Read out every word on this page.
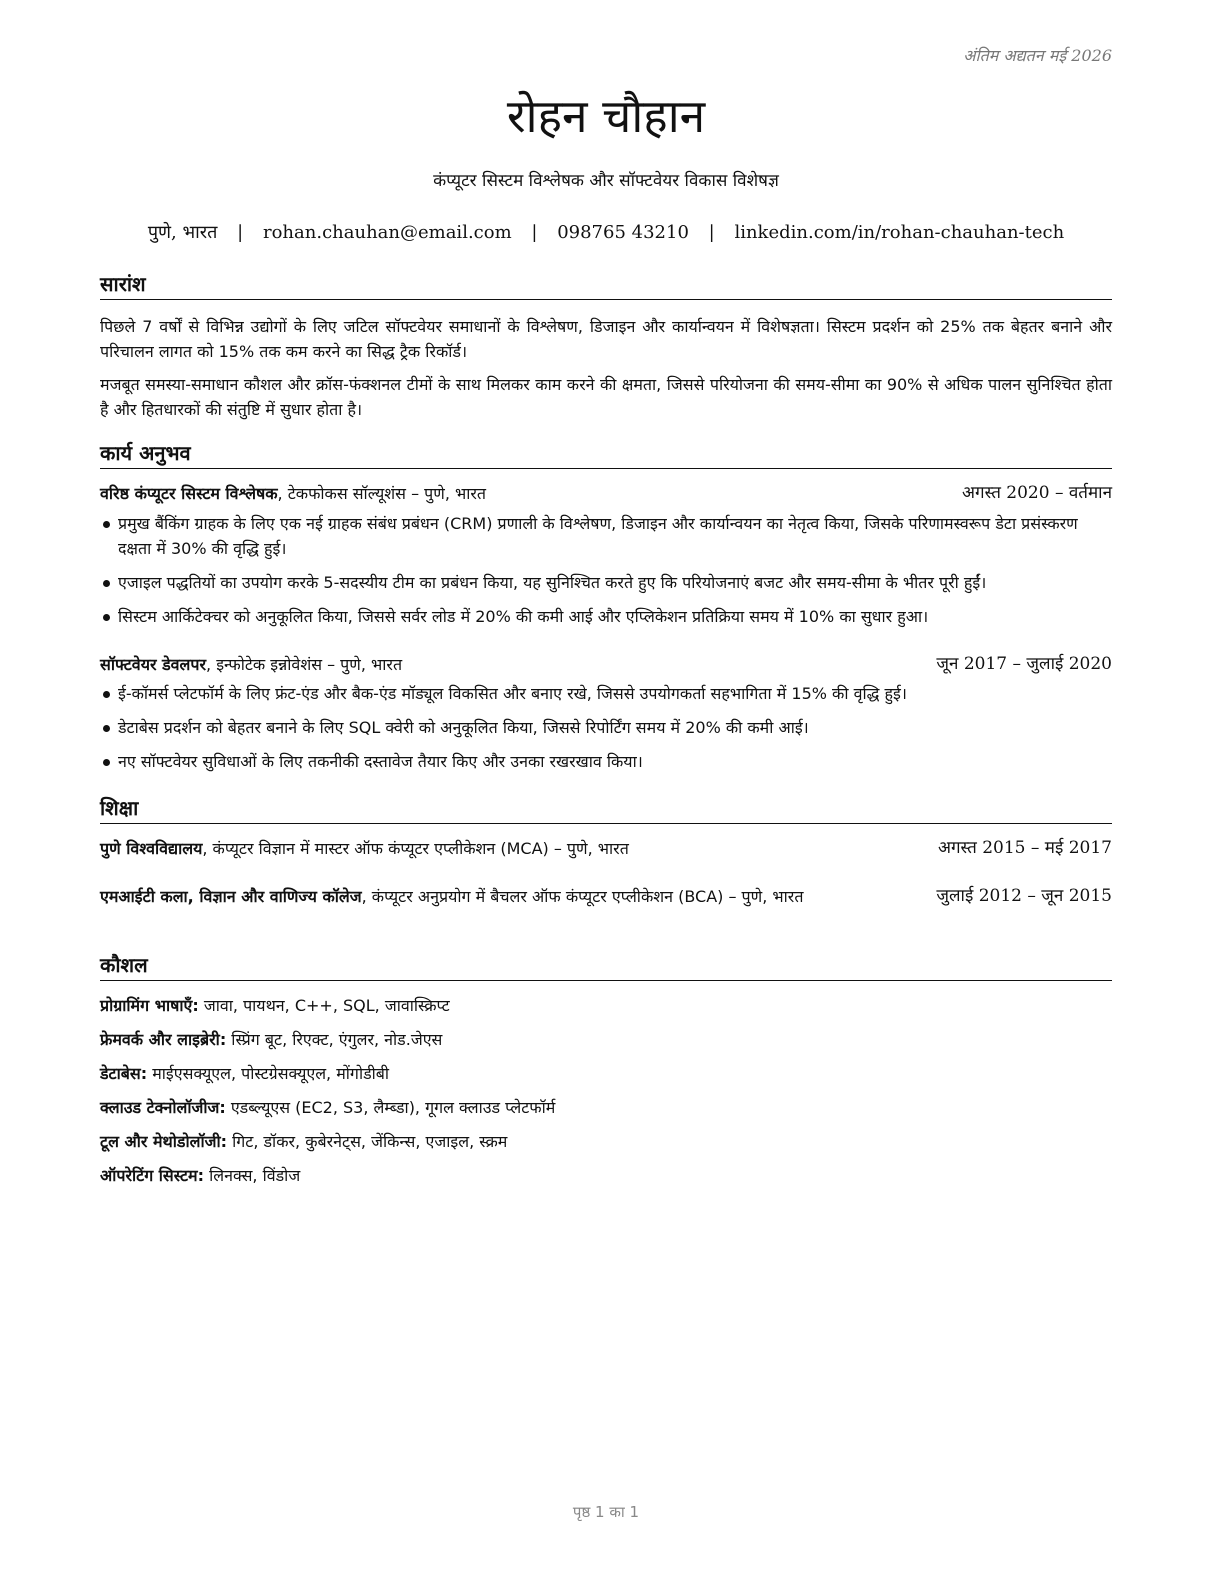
अंतिम अद्यतन मई 2026
रोहन चौहान
कंप्यूटर सिस्टम विश्लेषक और सॉफ्टवेयर विकास विशेषज्ञ
पुणे, भारत | rohan.chauhan@email.com | 098765 43210 | linkedin.com/in/rohan-chauhan-tech
सारांश
पिछले 7 वर्षों से विभिन्न उद्योगों के लिए जटिल सॉफ्टवेयर समाधानों के विश्लेषण, डिजाइन और कार्यान्वयन में विशेषज्ञता। सिस्टम प्रदर्शन को 25% तक बेहतर बनाने और परिचालन लागत को 15% तक कम करने का सिद्ध ट्रैक रिकॉर्ड।
मजबूत समस्या-समाधान कौशल और क्रॉस-फंक्शनल टीमों के साथ मिलकर काम करने की क्षमता, जिससे परियोजना की समय-सीमा का 90% से अधिक पालन सुनिश्चित होता है और हितधारकों की संतुष्टि में सुधार होता है।
कार्य अनुभव
वरिष्ठ कंप्यूटर सिस्टम विश्लेषक, टेकफोकस सॉल्यूशंस – पुणे, भारत	अगस्त 2020 – वर्तमान
प्रमुख बैंकिंग ग्राहक के लिए एक नई ग्राहक संबंध प्रबंधन (CRM) प्रणाली के विश्लेषण, डिजाइन और कार्यान्वयन का नेतृत्व किया, जिसके परिणामस्वरूप डेटा प्रसंस्करण दक्षता में 30% की वृद्धि हुई।
एजाइल पद्धतियों का उपयोग करके 5-सदस्यीय टीम का प्रबंधन किया, यह सुनिश्चित करते हुए कि परियोजनाएं बजट और समय-सीमा के भीतर पूरी हुईं।
सिस्टम आर्किटेक्चर को अनुकूलित किया, जिससे सर्वर लोड में 20% की कमी आई और एप्लिकेशन प्रतिक्रिया समय में 10% का सुधार हुआ।
सॉफ्टवेयर डेवलपर, इन्फोटेक इन्नोवेशंस – पुणे, भारत	जून 2017 – जुलाई 2020
ई-कॉमर्स प्लेटफॉर्म के लिए फ्रंट-एंड और बैक-एंड मॉड्यूल विकसित और बनाए रखे, जिससे उपयोगकर्ता सहभागिता में 15% की वृद्धि हुई।
डेटाबेस प्रदर्शन को बेहतर बनाने के लिए SQL क्वेरी को अनुकूलित किया, जिससे रिपोर्टिंग समय में 20% की कमी आई।
नए सॉफ्टवेयर सुविधाओं के लिए तकनीकी दस्तावेज तैयार किए और उनका रखरखाव किया।
शिक्षा
पुणे विश्वविद्यालय, कंप्यूटर विज्ञान में मास्टर ऑफ कंप्यूटर एप्लीकेशन (MCA) – पुणे, भारत	अगस्त 2015 – मई 2017
एमआईटी कला, विज्ञान और वाणिज्य कॉलेज, कंप्यूटर अनुप्रयोग में बैचलर ऑफ कंप्यूटर एप्लीकेशन (BCA) – पुणे, भारत	जुलाई 2012 – जून 2015
कौशल
प्रोग्रामिंग भाषाएँ: जावा, पायथन, C++, SQL, जावास्क्रिप्ट
फ्रेमवर्क और लाइब्रेरी: स्प्रिंग बूट, रिएक्ट, एंगुलर, नोड.जेएस
डेटाबेस: माईएसक्यूएल, पोस्टग्रेसक्यूएल, मोंगोडीबी
क्लाउड टेक्नोलॉजीज: एडब्ल्यूएस (EC2, S3, लैम्ब्डा), गूगल क्लाउड प्लेटफॉर्म
टूल और मेथोडोलॉजी: गिट, डॉकर, कुबेरनेट्स, जेंकिन्स, एजाइल, स्क्रम
ऑपरेटिंग सिस्टम: लिनक्स, विंडोज
पृष्ठ 1 का 1
